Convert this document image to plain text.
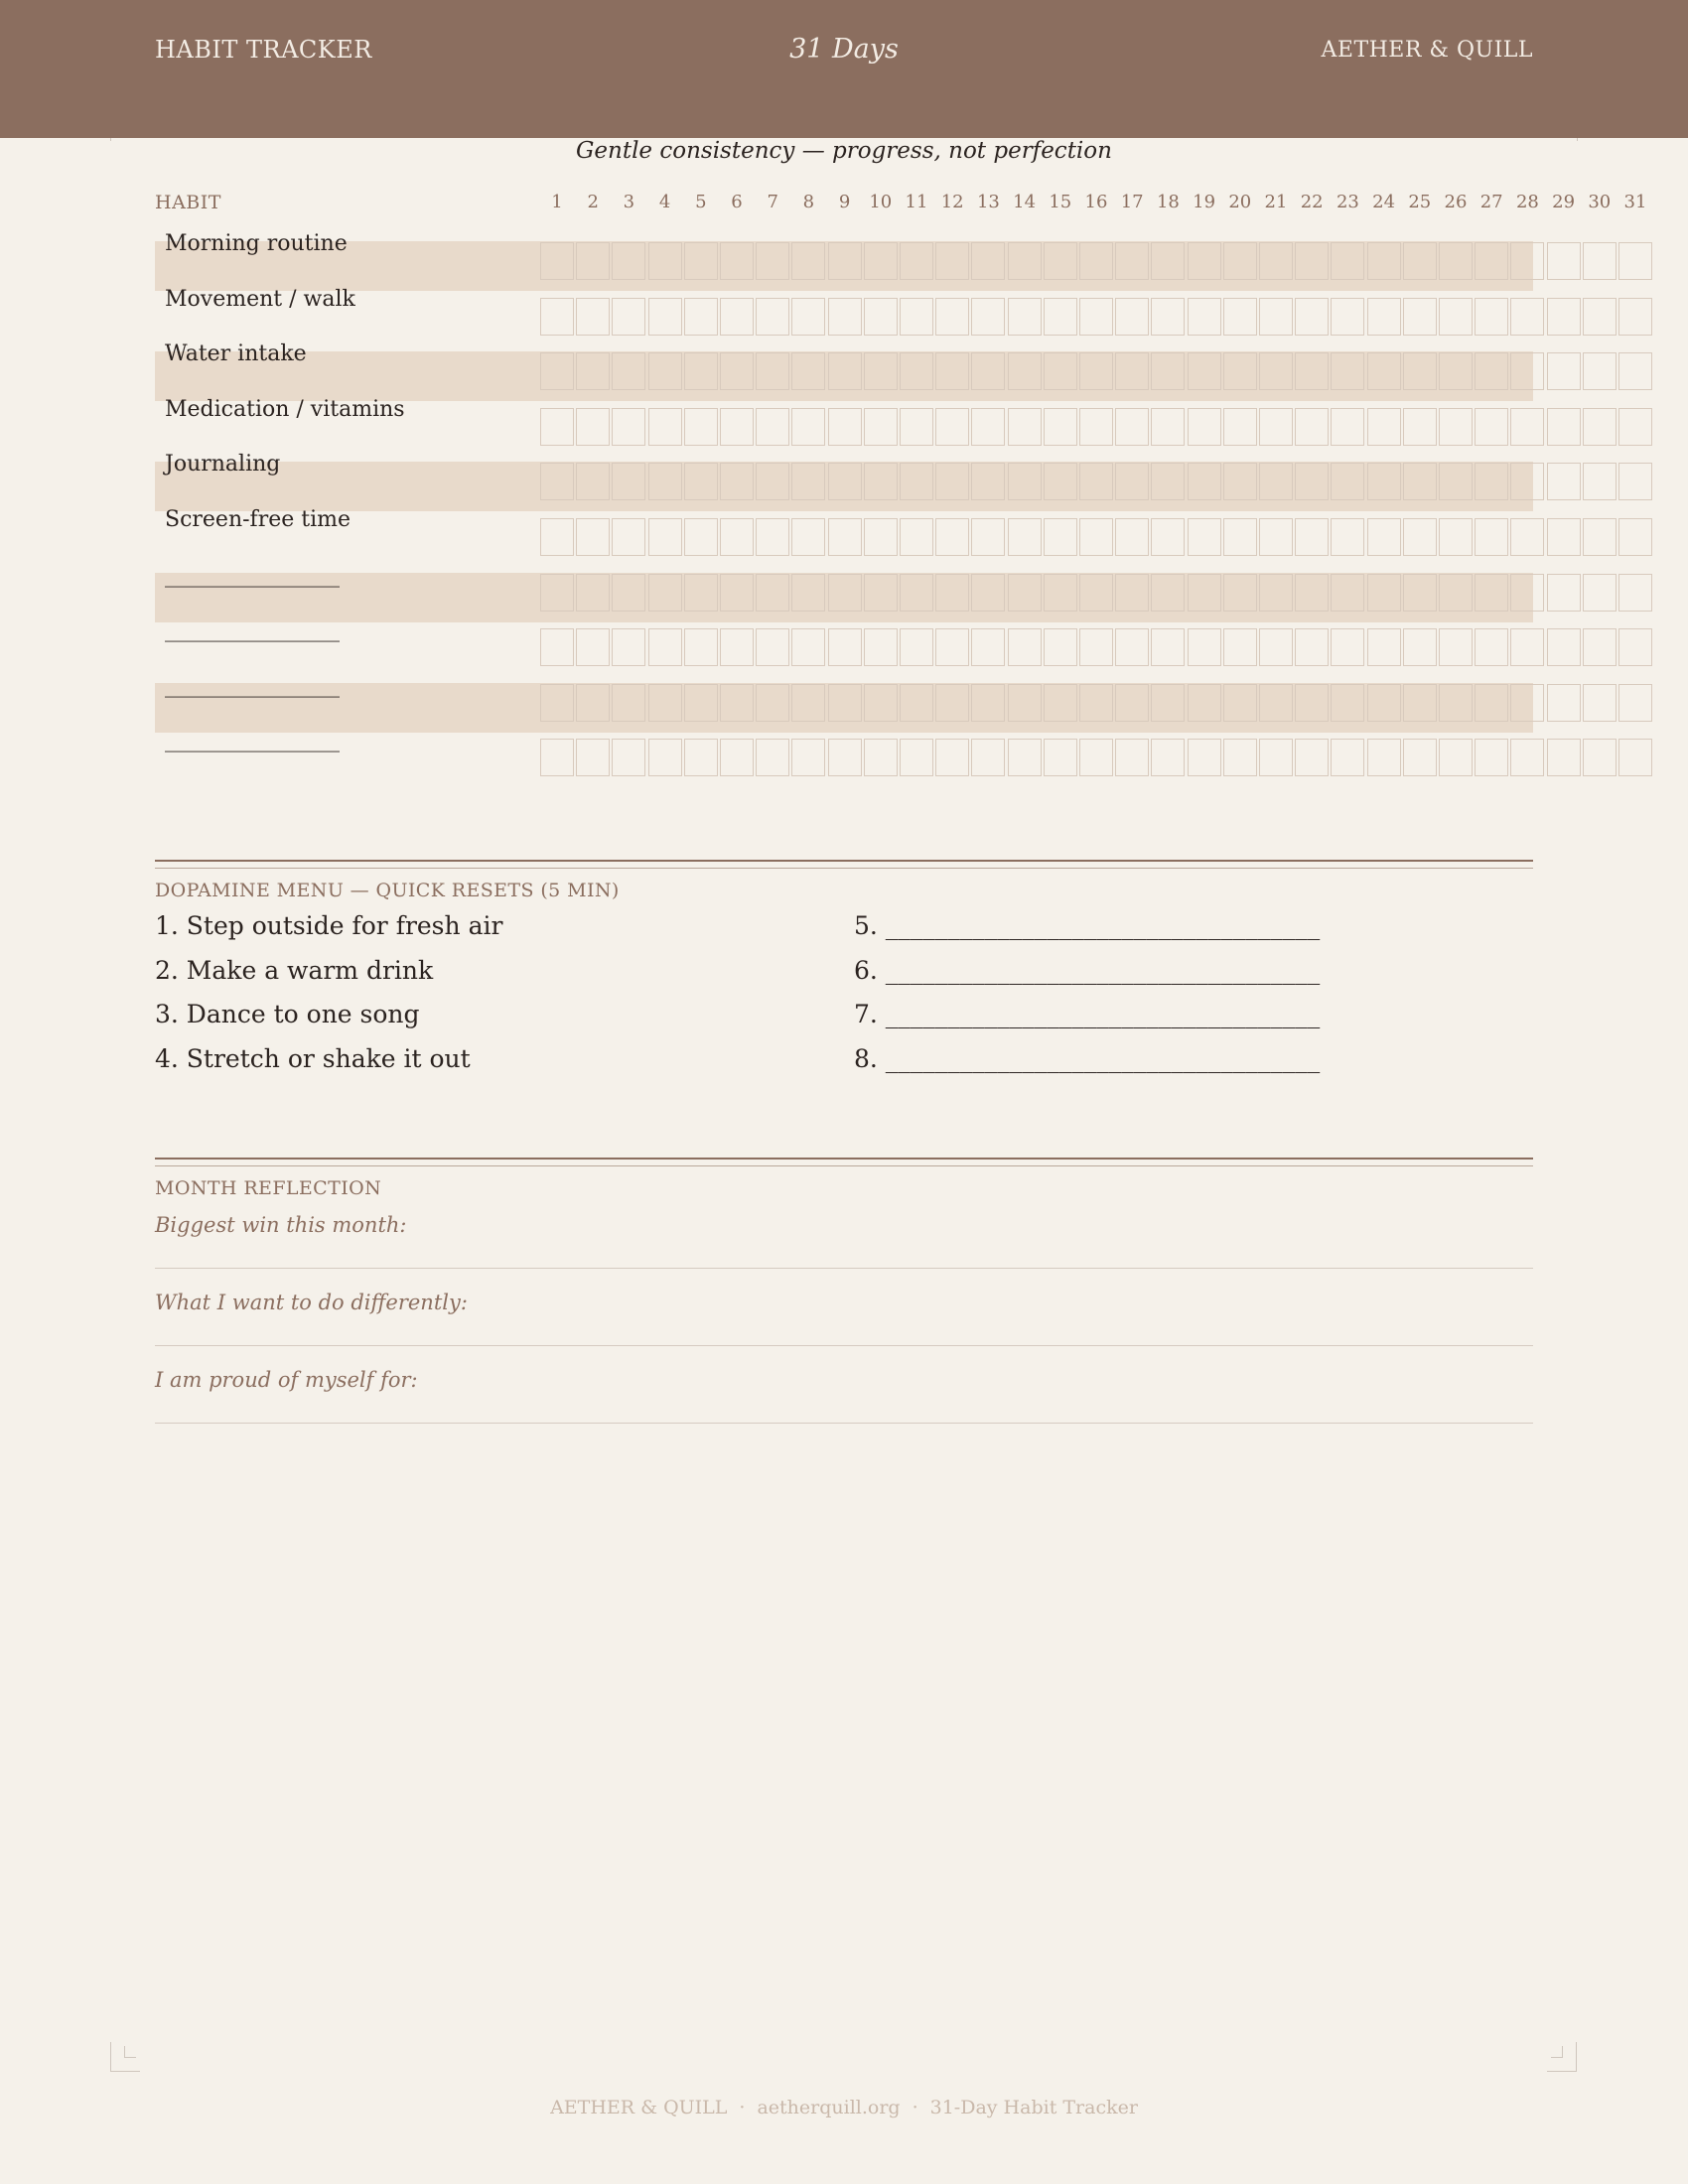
HABIT TRACKER	31 Days	AETHER & QUILL
Gentle consistency — progress, not perfection
HABIT	1	2	3	4	5	6	7	8	9	10 11 12 13 14 15 16 17 18 19 20 21 22 23 24 25 26 27 28 29 30 31
Morning routine
Movement / walk
Water intake
Medication / vitamins
Journaling
Screen-free time
________________
________________
________________
________________
DOPAMINE MENU — QUICK RESETS (5 MIN)
1. Step outside for fresh air
2. Make a warm drink
3. Dance to one song
4. Stretch or shake it out
5. ___________________________________
6. ___________________________________
7. ___________________________________
8. ___________________________________
MONTH REFLECTION
Biggest win this month:
What I want to do differently:
I am proud of myself for:
AETHER & QUILL · aetherquill.org · 31-Day Habit Tracker
